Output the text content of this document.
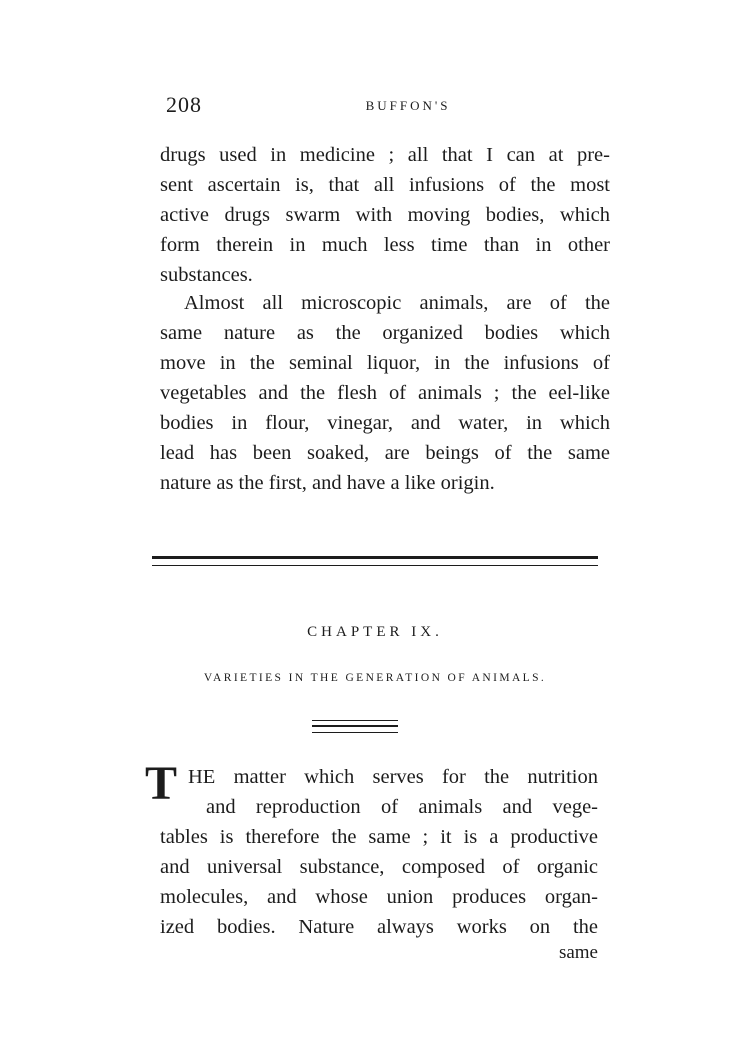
208	BUFFON'S
drugs used in medicine ; all that I can at pre-
sent ascertain is, that all infusions of the most
active drugs swarm with moving bodies, which
form therein in much less time than in other
substances.
Almost all microscopic animals, are of the
same nature as the organized bodies which
move in the seminal liquor, in the infusions of
vegetables and the flesh of animals ; the eel-like
bodies in flour, vinegar, and water, in which
lead has been soaked, are beings of the same
nature as the first, and have a like origin.
CHAPTER IX.
VARIETIES IN THE GENERATION OF ANIMALS.
T HE matter which serves for the nutrition
and reproduction of animals and vege-
tables is therefore the same ; it is a productive
and universal substance, composed of organic
molecules, and whose union produces organ-
ized bodies. Nature always works on the
same
